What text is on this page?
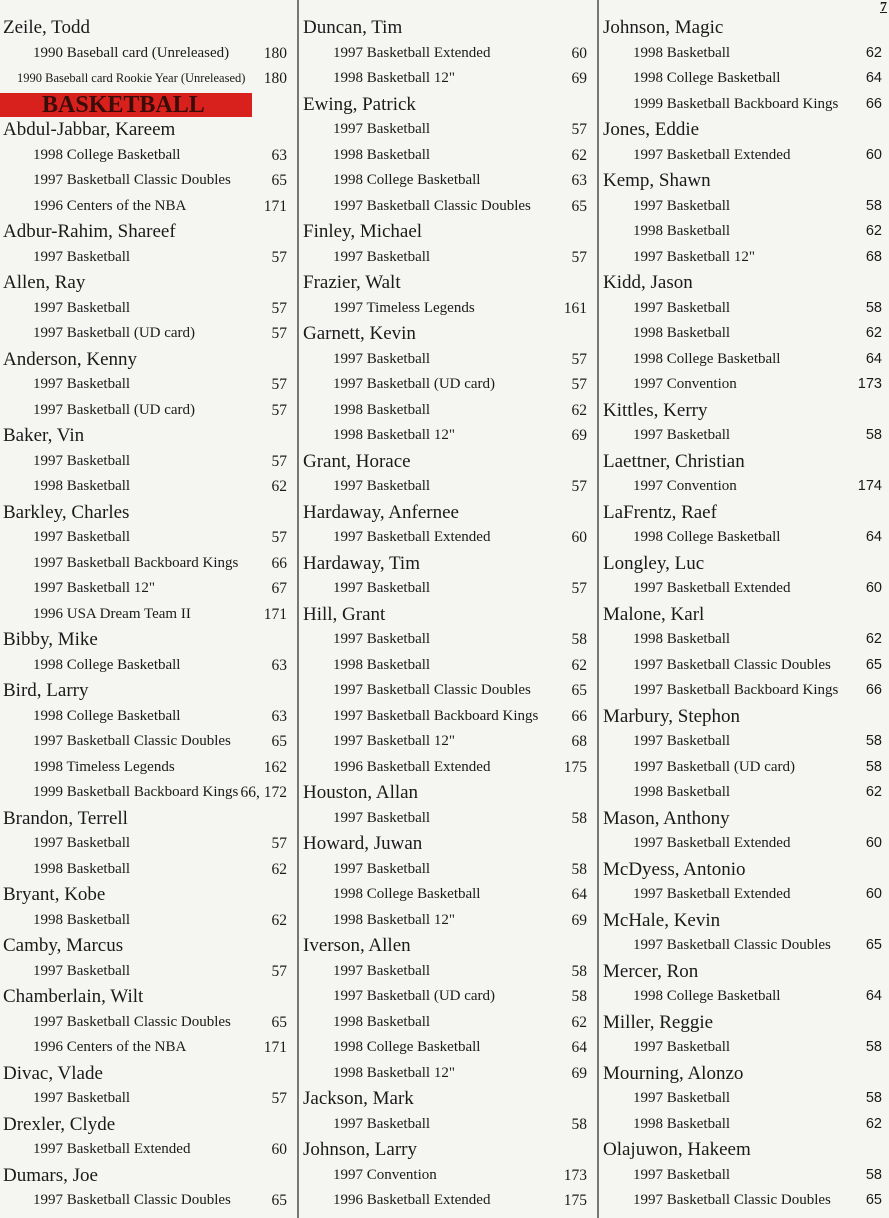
7
Zeile, Todd
1990 Baseball card (Unreleased) 180
1990 Baseball card Rookie Year (Unreleased) 180
BASKETBALL
Abdul-Jabbar, Kareem
1998 College Basketball	63
1997 Basketball Classic Doubles	65
1996 Centers of the NBA	171
Adbur-Rahim, Shareef
1997 Basketball	57
Allen, Ray
1997 Basketball	57
1997 Basketball (UD card)	57
Anderson, Kenny
1997 Basketball	57
1997 Basketball (UD card)	57
Baker, Vin
1997 Basketball	57
1998 Basketball	62
Barkley, Charles
1997 Basketball	57
1997 Basketball Backboard Kings 66
1997 Basketball 12"	67
1996 USA Dream Team II	171
Bibby, Mike
1998 College Basketball	63
Bird, Larry
1998 College Basketball	63
1997 Basketball Classic Doubles	65
1998 Timeless Legends	162
1999 Basketball Backboard Kings 66, 172
Brandon, Terrell
1997 Basketball	57
1998 Basketball	62
Bryant, Kobe
1998 Basketball	62
Camby, Marcus
1997 Basketball	57
Chamberlain, Wilt
1997 Basketball Classic Doubles	65
1996 Centers of the NBA	171
Divac, Vlade
1997 Basketball	57
Drexler, Clyde
1997 Basketball Extended	60
Dumars, Joe
1997 Basketball Classic Doubles	65
Duncan, Tim
1997 Basketball Extended	60
1998 Basketball 12"	69
Ewing, Patrick
1997 Basketball	57
1998 Basketball	62
1998 College Basketball	63
1997 Basketball Classic Doubles	65
Finley, Michael
1997 Basketball	57
Frazier, Walt
1997 Timeless Legends	161
Garnett, Kevin
1997 Basketball	57
1997 Basketball (UD card)	57
1998 Basketball	62
1998 Basketball 12"	69
Grant, Horace
1997 Basketball	57
Hardaway, Anfernee
1997 Basketball Extended	60
Hardaway, Tim
1997 Basketball	57
Hill, Grant
1997 Basketball	58
1998 Basketball	62
1997 Basketball Classic Doubles	65
1997 Basketball Backboard Kings 66
1997 Basketball 12"	68
1996 Basketball Extended	175
Houston, Allan
1997 Basketball	58
Howard, Juwan
1997 Basketball	58
1998 College Basketball	64
1998 Basketball 12"	69
Iverson, Allen
1997 Basketball	58
1997 Basketball (UD card)	58
1998 Basketball	62
1998 College Basketball	64
1998 Basketball 12"	69
Jackson, Mark
1997 Basketball	58
Johnson, Larry
1997 Convention	173
1996 Basketball Extended	175
Johnson, Magic
1998 Basketball	62
1998 College Basketball	64
1999 Basketball Backboard Kings 66
Jones, Eddie
1997 Basketball Extended	60
Kemp, Shawn
1997 Basketball	58
1998 Basketball	62
1997 Basketball 12"	68
Kidd, Jason
1997 Basketball	58
1998 Basketball	62
1998 College Basketball	64
1997 Convention	173
Kittles, Kerry
1997 Basketball	58
Laettner, Christian
1997 Convention	174
LaFrentz, Raef
1998 College Basketball	64
Longley, Luc
1997 Basketball Extended	60
Malone, Karl
1998 Basketball	62
1997 Basketball Classic Doubles 65
1997 Basketball Backboard Kings 66
Marbury, Stephon
1997 Basketball	58
1997 Basketball (UD card)	58
1998 Basketball	62
Mason, Anthony
1997 Basketball Extended	60
McDyess, Antonio
1997 Basketball Extended	60
McHale, Kevin
1997 Basketball Classic Doubles 65
Mercer, Ron
1998 College Basketball	64
Miller, Reggie
1997 Basketball	58
Mourning, Alonzo
1997 Basketball	58
1998 Basketball	62
Olajuwon, Hakeem
1997 Basketball	58
1997 Basketball Classic Doubles 65
